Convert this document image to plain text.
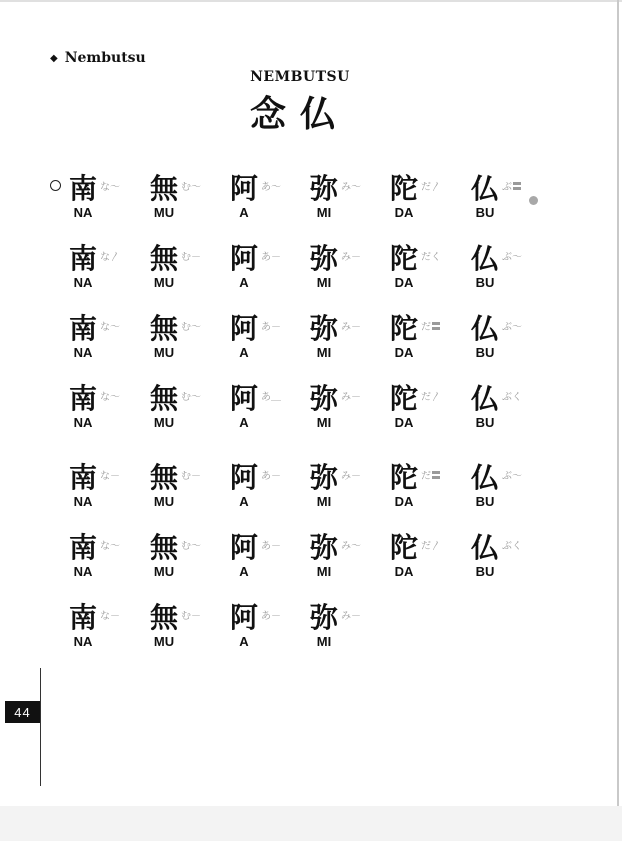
◆ Nembutsu
NEMBUTSU
念仏
南 な〜
NA
無 む〜
MU
阿 あ〜
A
弥 み〜
MI
陀 だ〳
DA
仏 ぶ〓
BU
南 な〳
NA
無 む－
MU
阿 あ－
A
弥 み－
MI
陀 だく
DA
仏 ぶ〜
BU
南 な〜
NA
無 む〜
MU
阿 あ－
A
弥 み－
MI
陀 だ〓
DA
仏 ぶ〜
BU
南 な〜
NA
無 む〜
MU
阿 あ＿
A
弥 み－
MI
陀 だ〳
DA
仏 ぶく
BU
南 な－
NA
無 む－
MU
阿 あ－
A
弥 み－
MI
陀 だ〓
DA
仏 ぶ〜
BU
南 な〜
NA
無 む〜
MU
阿 あ－
A
弥 み〜
MI
陀 だ〳
DA
仏 ぶく
BU
南 な－
NA
無 む－
MU
阿 あ－
A
弥 み－
MI
44
